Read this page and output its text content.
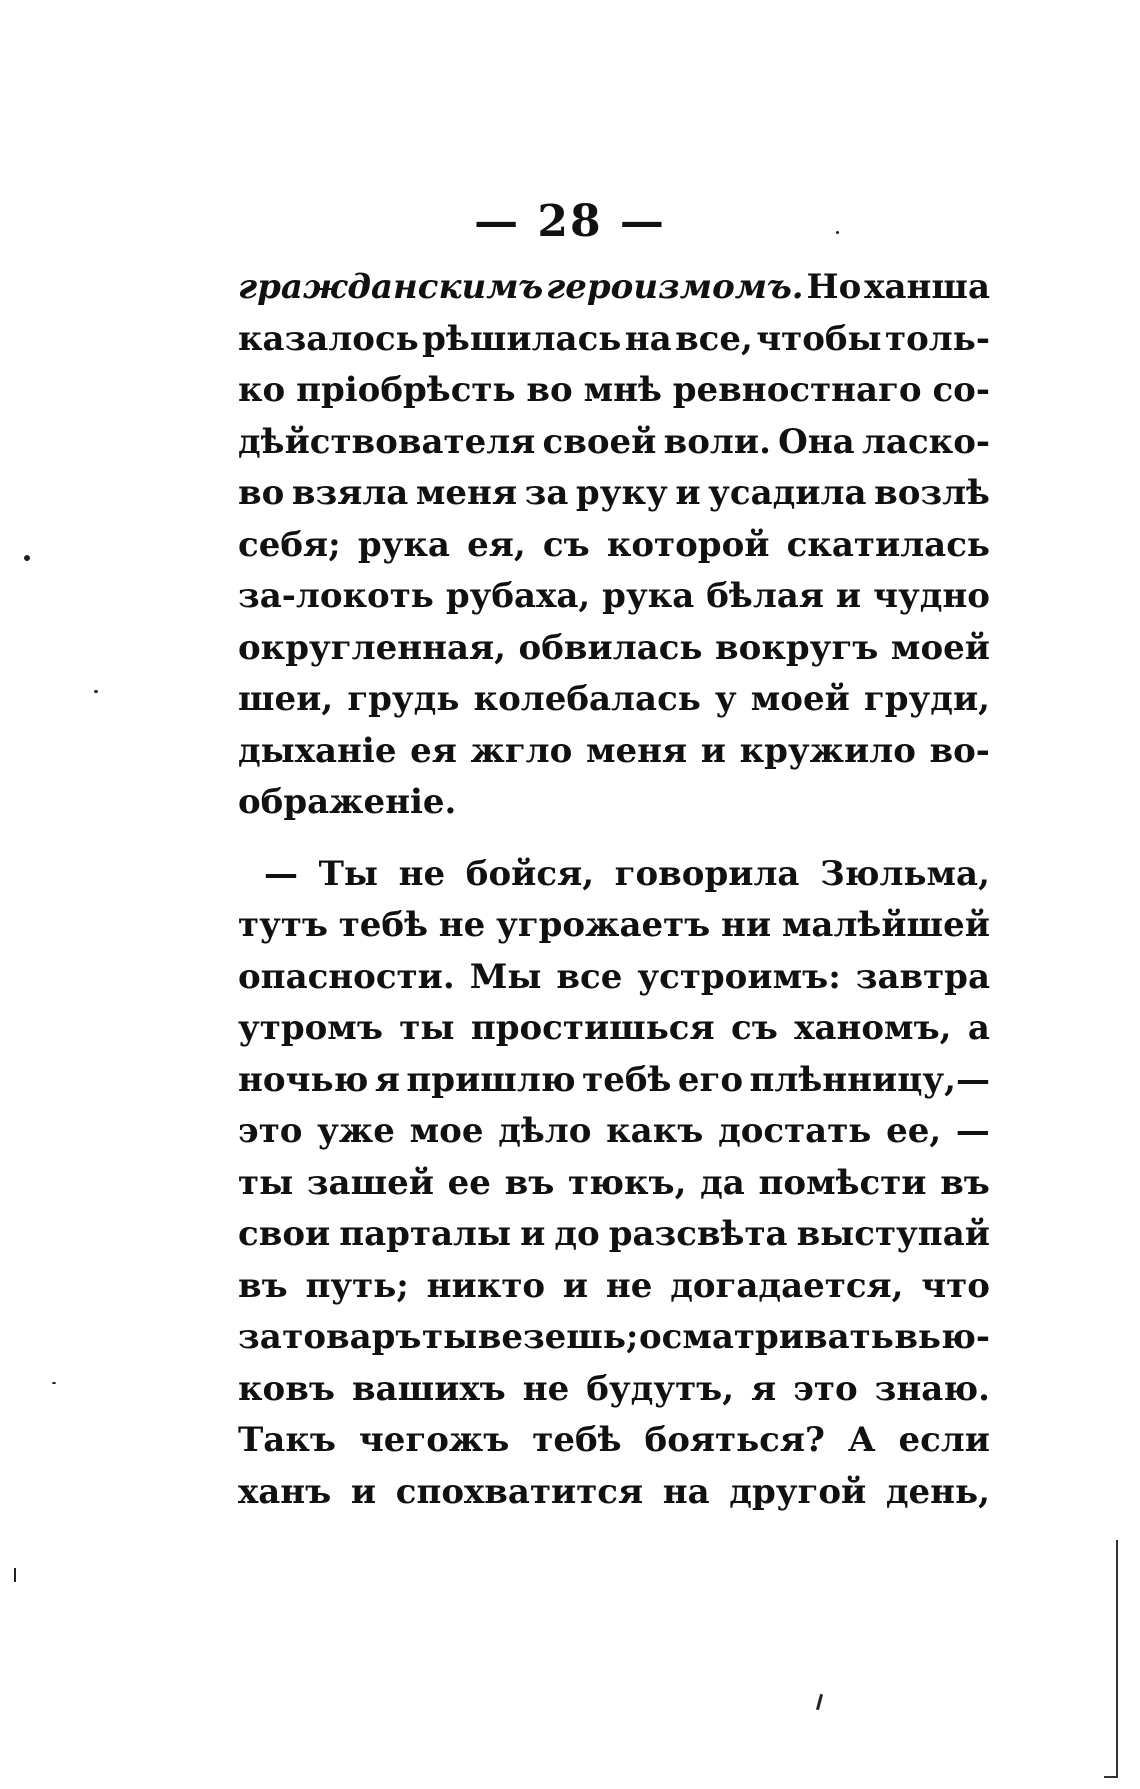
— 28 —
гражданскимъ героизмомъ. Но ханша
казалось рѣшилась на все, чтобы толь-
ко пріобрѣсть во мнѣ ревностнаго со-
дѣйствователя своей воли. Она ласко-
во взяла меня за руку и усадила возлѣ
себя; рука ея, съ которой скатилась
за-локоть рубаха, рука бѣлая и чудно
округленная, обвилась вокругъ моей
шеи, грудь колебалась у моей груди,
дыханіе ея жгло меня и кружило во-
ображеніе.
— Ты не бойся, говорила Зюльма,
тутъ тебѣ не угрожаетъ ни малѣйшей
опасности. Мы все устроимъ: завтра
утромъ ты простишься съ ханомъ, а
ночью я пришлю тебѣ его плѣнницу,—
это уже мое дѣло какъ достать ее, —
ты зашей ее въ тюкъ, да помѣсти въ
свои парталы и до разсвѣта выступай
въ путь; никто и не догадается, что
за товаръ ты везешь; осматривать вью-
ковъ вашихъ не будутъ, я это знаю.
Такъ чегожъ тебѣ бояться? А если
ханъ и спохватится на другой день,
